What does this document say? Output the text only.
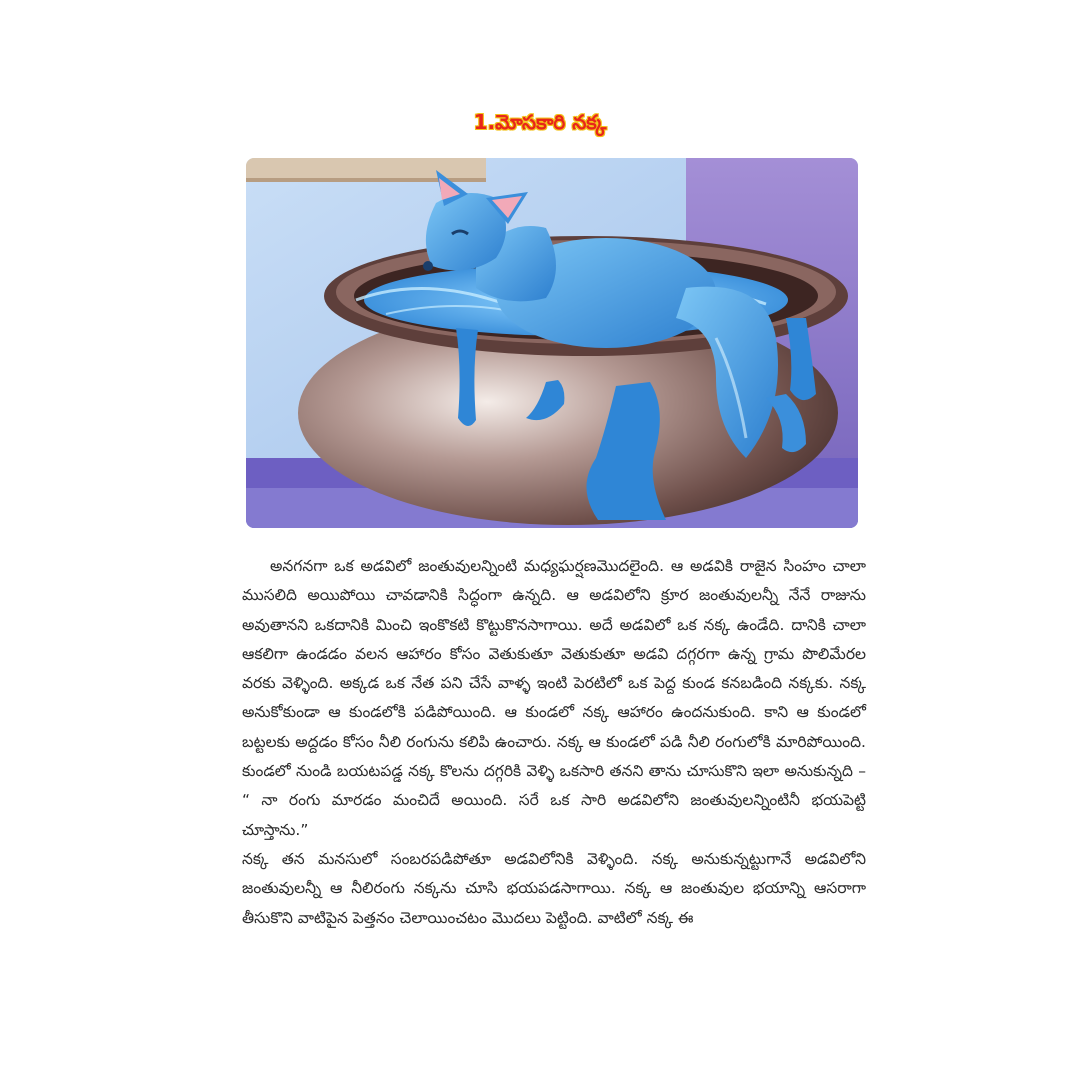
1.మోసకారి నక్క

అనగనగా ఒక అడవిలో జంతువులన్నింటి మధ్యఘర్షణమొదలైంది. ఆ అడవికి రాజైన సింహం చాలా ముసలిది అయిపోయి చావడానికి సిద్ధంగా ఉన్నది. ఆ అడవిలోని క్రూర జంతువులన్నీ నేనే రాజును అవుతానని ఒకదానికి మించి ఇంకొకటి కొట్టుకొనసాగాయి. అదే అడవిలో ఒక నక్క ఉండేది. దానికి చాలా ఆకలిగా ఉండడం వలన ఆహారం కోసం వెతుకుతూ వెతుకుతూ అడవి దగ్గరగా ఉన్న గ్రామ పొలిమేరల వరకు వెళ్ళింది. అక్కడ ఒక నేత పని చేసే వాళ్ళ ఇంటి పెరటిలో ఒక పెద్ద కుండ కనబడింది నక్కకు. నక్క అనుకోకుండా ఆ కుండలోకి పడిపోయింది. ఆ కుండలో నక్క ఆహారం ఉందనుకుంది. కాని ఆ కుండలో బట్టలకు అద్దడం కోసం నీలి రంగును కలిపి ఉంచారు. నక్క ఆ కుండలో పడి నీలి రంగులోకి మారిపోయింది. కుండలో నుండి బయటపడ్డ నక్క కొలను దగ్గరికి వెళ్ళి ఒకసారి తనని తాను చూసుకొని ఇలా అనుకున్నది – “ నా రంగు మారడం మంచిదే అయింది. సరే ఒక సారి అడవిలోని జంతువులన్నింటినీ భయపెట్టి చూస్తాను.”

నక్క తన మనసులో సంబరపడిపోతూ అడవిలోనికి వెళ్ళింది. నక్క అనుకున్నట్టుగానే అడవిలోని జంతువులన్నీ ఆ నీలిరంగు నక్కను చూసి భయపడసాగాయి. నక్క ఆ జంతువుల భయాన్ని ఆసరాగా తీసుకొని వాటిపైన పెత్తనం చెలాయించటం మొదలు పెట్టింది. వాటిలో నక్క ఈ
